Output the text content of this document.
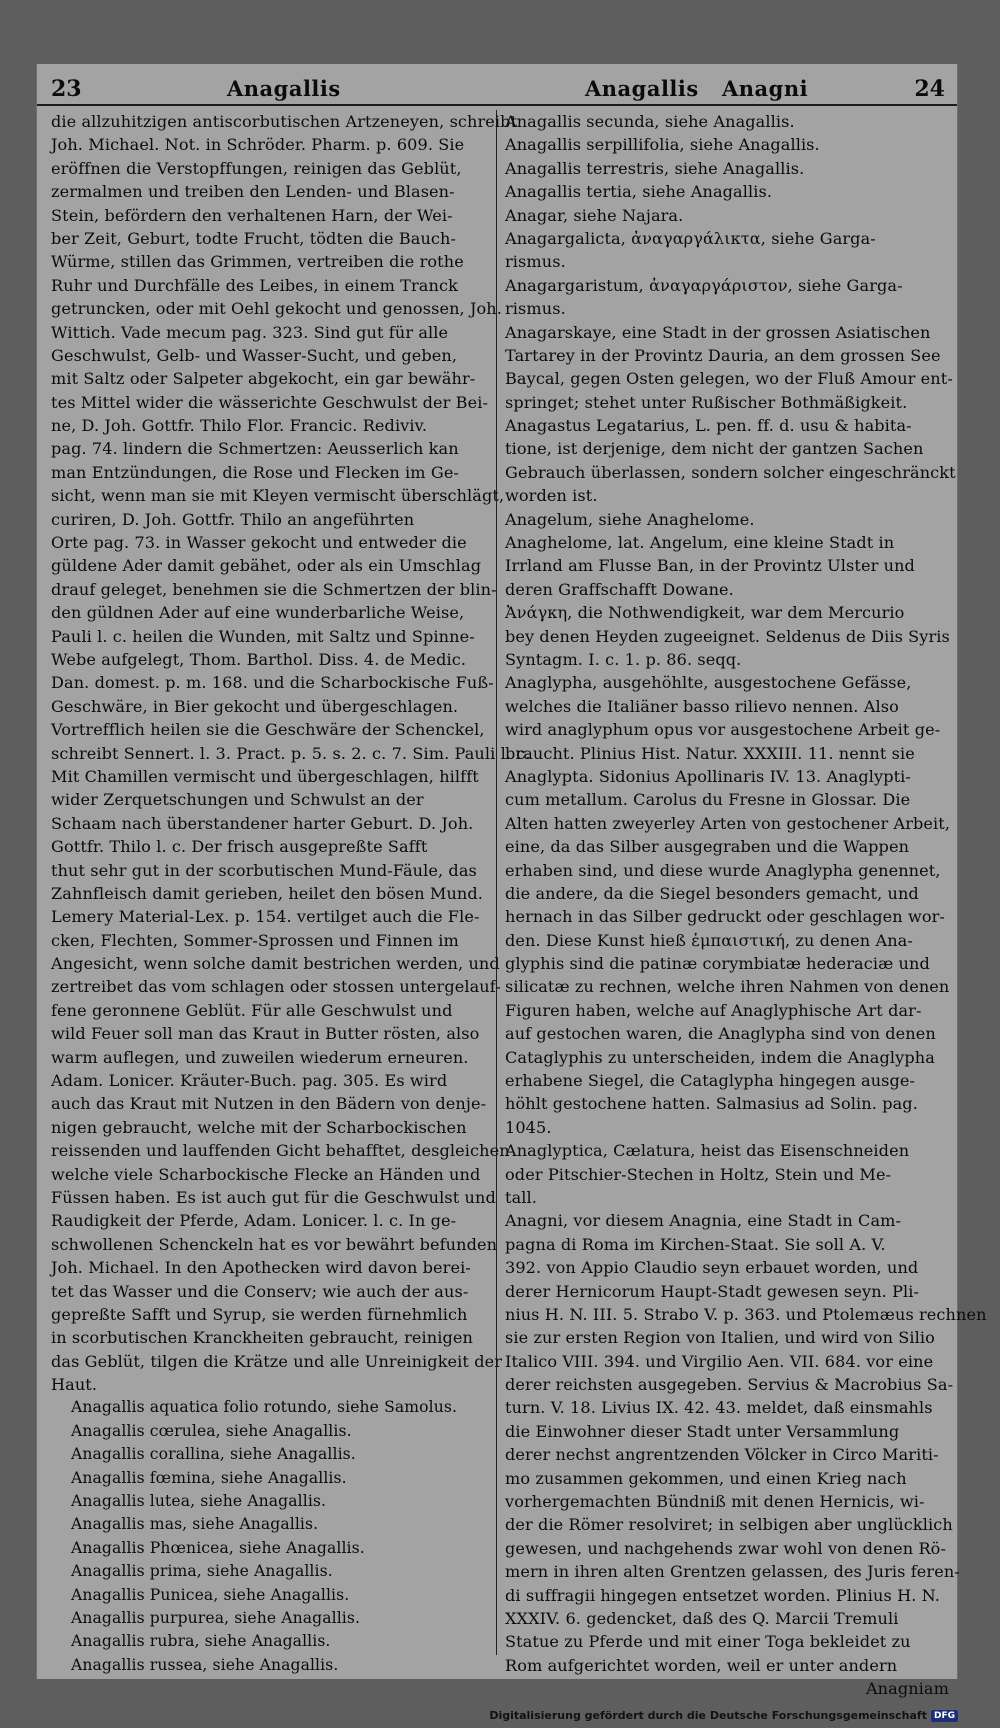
23	Anagallis	Anagallis Anagni	24
die allzuhitzigen antiscorbutischen Artzeneyen, schreibt
Joh. Michael. Not. in Schröder. Pharm. p. 609. Sie
eröffnen die Verstopffungen, reinigen das Geblüt,
zermalmen und treiben den Lenden- und Blasen-
Stein, befördern den verhaltenen Harn, der Wei-
ber Zeit, Geburt, todte Frucht, tödten die Bauch-
Würme, stillen das Grimmen, vertreiben die rothe
Ruhr und Durchfälle des Leibes, in einem Tranck
getruncken, oder mit Oehl gekocht und genossen, Joh.
Wittich. Vade mecum pag. 323. Sind gut für alle
Geschwulst, Gelb- und Wasser-Sucht, und geben,
mit Saltz oder Salpeter abgekocht, ein gar bewähr-
tes Mittel wider die wässerichte Geschwulst der Bei-
ne, D. Joh. Gottfr. Thilo Flor. Francic. Rediviv.
pag. 74. lindern die Schmertzen: Aeusserlich kan
man Entzündungen, die Rose und Flecken im Ge-
sicht, wenn man sie mit Kleyen vermischt überschlägt,
curiren, D. Joh. Gottfr. Thilo an angeführten
Orte pag. 73. in Wasser gekocht und entweder die
güldene Ader damit gebähet, oder als ein Umschlag
drauf geleget, benehmen sie die Schmertzen der blin-
den güldnen Ader auf eine wunderbarliche Weise,
Pauli l. c. heilen die Wunden, mit Saltz und Spinne-
Webe aufgelegt, Thom. Barthol. Diss. 4. de Medic.
Dan. domest. p. m. 168. und die Scharbockische Fuß-
Geschwäre, in Bier gekocht und übergeschlagen.
Vortrefflich heilen sie die Geschwäre der Schenckel,
schreibt Sennert. l. 3. Pract. p. 5. s. 2. c. 7. Sim. Pauli l. c.
Mit Chamillen vermischt und übergeschlagen, hilfft
wider Zerquetschungen und Schwulst an der
Schaam nach überstandener harter Geburt. D. Joh.
Gottfr. Thilo l. c. Der frisch ausgepreßte Safft
thut sehr gut in der scorbutischen Mund-Fäule, das
Zahnfleisch damit gerieben, heilet den bösen Mund.
Lemery Material-Lex. p. 154. vertilget auch die Fle-
cken, Flechten, Sommer-Sprossen und Finnen im
Angesicht, wenn solche damit bestrichen werden, und
zertreibet das vom schlagen oder stossen untergelauf-
fene geronnene Geblüt. Für alle Geschwulst und
wild Feuer soll man das Kraut in Butter rösten, also
warm auflegen, und zuweilen wiederum erneuren.
Adam. Lonicer. Kräuter-Buch. pag. 305. Es wird
auch das Kraut mit Nutzen in den Bädern von denje-
nigen gebraucht, welche mit der Scharbockischen
reissenden und lauffenden Gicht behafftet, desgleichen
welche viele Scharbockische Flecke an Händen und
Füssen haben. Es ist auch gut für die Geschwulst und
Raudigkeit der Pferde, Adam. Lonicer. l. c. In ge-
schwollenen Schenckeln hat es vor bewährt befunden
Joh. Michael. In den Apothecken wird davon berei-
tet das Wasser und die Conserv; wie auch der aus-
gepreßte Safft und Syrup, sie werden fürnehmlich
in scorbutischen Kranckheiten gebraucht, reinigen
das Geblüt, tilgen die Krätze und alle Unreinigkeit der
Haut.
Anagallis aquatica folio rotundo, siehe Samolus.
Anagallis cœrulea, siehe Anagallis.
Anagallis corallina, siehe Anagallis.
Anagallis fœmina, siehe Anagallis.
Anagallis lutea, siehe Anagallis.
Anagallis mas, siehe Anagallis.
Anagallis Phœnicea, siehe Anagallis.
Anagallis prima, siehe Anagallis.
Anagallis Punicea, siehe Anagallis.
Anagallis purpurea, siehe Anagallis.
Anagallis rubra, siehe Anagallis.
Anagallis russea, siehe Anagallis.
Anagallis secunda, siehe Anagallis.
Anagallis serpillifolia, siehe Anagallis.
Anagallis terrestris, siehe Anagallis.
Anagallis tertia, siehe Anagallis.
Anagar, siehe Najara.
Anagargalicta, ἀναγαργάλικτα, siehe Garga-
rismus.
Anagargaristum, ἀναγαργάριστον, siehe Garga-
rismus.
Anagarskaye, eine Stadt in der grossen Asiatischen
Tartarey in der Provintz Dauria, an dem grossen See
Baycal, gegen Osten gelegen, wo der Fluß Amour ent-
springet; stehet unter Rußischer Bothmäßigkeit.
Anagastus Legatarius, L. pen. ff. d. usu & habita-
tione, ist derjenige, dem nicht der gantzen Sachen
Gebrauch überlassen, sondern solcher eingeschränckt
worden ist.
Anagelum, siehe Anaghelome.
Anaghelome, lat. Angelum, eine kleine Stadt in
Irrland am Flusse Ban, in der Provintz Ulster und
deren Graffschafft Dowane.
Ἀνάγκη, die Nothwendigkeit, war dem Mercurio
bey denen Heyden zugeeignet. Seldenus de Diis Syris
Syntagm. I. c. 1. p. 86. seqq.
Anaglypha, ausgehöhlte, ausgestochene Gefässe,
welches die Italiäner basso rilievo nennen. Also
wird anaglyphum opus vor ausgestochene Arbeit ge-
braucht. Plinius Hist. Natur. XXXIII. 11. nennt sie
Anaglypta. Sidonius Apollinaris IV. 13. Anaglypti-
cum metallum. Carolus du Fresne in Glossar. Die
Alten hatten zweyerley Arten von gestochener Arbeit,
eine, da das Silber ausgegraben und die Wappen
erhaben sind, und diese wurde Anaglypha genennet,
die andere, da die Siegel besonders gemacht, und
hernach in das Silber gedruckt oder geschlagen wor-
den. Diese Kunst hieß ἐμπαιστική, zu denen Ana-
glyphis sind die patinæ corymbiatæ hederaciæ und
silicatæ zu rechnen, welche ihren Nahmen von denen
Figuren haben, welche auf Anaglyphische Art dar-
auf gestochen waren, die Anaglypha sind von denen
Cataglyphis zu unterscheiden, indem die Anaglypha
erhabene Siegel, die Cataglypha hingegen ausge-
höhlt gestochene hatten. Salmasius ad Solin. pag.
1045.
Anaglyptica, Cælatura, heist das Eisenschneiden
oder Pitschier-Stechen in Holtz, Stein und Me-
tall.
Anagni, vor diesem Anagnia, eine Stadt in Cam-
pagna di Roma im Kirchen-Staat. Sie soll A. V.
392. von Appio Claudio seyn erbauet worden, und
derer Hernicorum Haupt-Stadt gewesen seyn. Pli-
nius H. N. III. 5. Strabo V. p. 363. und Ptolemæus rechnen
sie zur ersten Region von Italien, und wird von Silio
Italico VIII. 394. und Virgilio Aen. VII. 684. vor eine
derer reichsten ausgegeben. Servius & Macrobius Sa-
turn. V. 18. Livius IX. 42. 43. meldet, daß einsmahls
die Einwohner dieser Stadt unter Versammlung
derer nechst angrentzenden Völcker in Circo Mariti-
mo zusammen gekommen, und einen Krieg nach
vorhergemachten Bündniß mit denen Hernicis, wi-
der die Römer resolviret; in selbigen aber unglücklich
gewesen, und nachgehends zwar wohl von denen Rö-
mern in ihren alten Grentzen gelassen, des Juris feren-
di suffragii hingegen entsetzet worden. Plinius H. N.
XXXIV. 6. gedencket, daß des Q. Marcii Tremuli
Statue zu Pferde und mit einer Toga bekleidet zu
Rom aufgerichtet worden, weil er unter andern
Anagniam
Digitalisierung gefördert durch die Deutsche Forschungsgemeinschaft DFG
